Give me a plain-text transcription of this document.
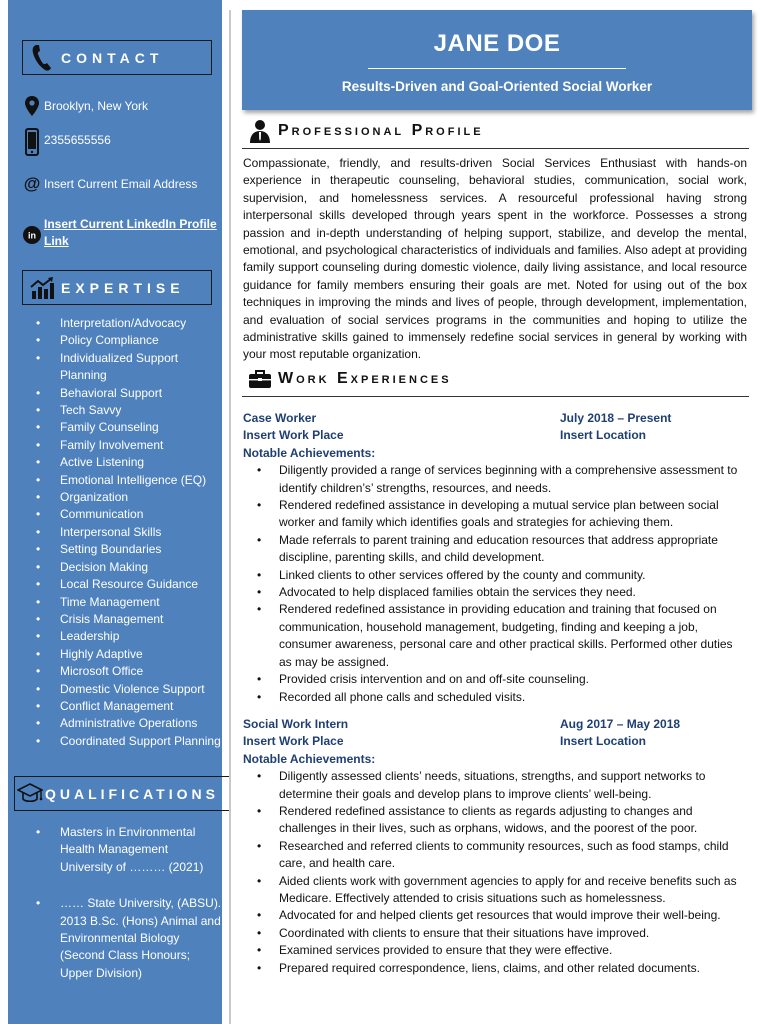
CONTACT
Brooklyn, New York
2355655556
@ Insert Current Email Address
in
Insert Current LinkedIn Profile Link
EXPERTISE
• Interpretation/Advocacy
• Policy Compliance
• Individualized Support Planning
• Behavioral Support
• Tech Savvy
• Family Counseling
• Family Involvement
• Active Listening
• Emotional Intelligence (EQ)
• Organization
• Communication
• Interpersonal Skills
• Setting Boundaries
• Decision Making
• Local Resource Guidance
• Time Management
• Crisis Management
• Leadership
• Highly Adaptive
• Microsoft Office
• Domestic Violence Support
• Conflict Management
• Administrative Operations
• Coordinated Support Planning
QUALIFICATIONS
• Masters in Environmental Health Management University of ……… (2021)
• …… State University, (ABSU). 2013 B.Sc. (Hons) Animal and Environmental Biology (Second Class Honours; Upper Division)
JANE DOE
Results-Driven and Goal-Oriented Social Worker
Professional Profile

Compassionate, friendly, and results-driven Social Services Enthusiast with hands-on experience in therapeutic counseling, behavioral studies, communication, social work, supervision, and homelessness services. A resourceful professional having strong interpersonal skills developed through years spent in the workforce. Possesses a strong passion and in-depth understanding of helping support, stabilize, and develop the mental, emotional, and psychological characteristics of individuals and families. Also adept at providing family support counseling during domestic violence, daily living assistance, and local resource guidance for family members ensuring their goals are met. Noted for using out of the box techniques in improving the minds and lives of people, through development, implementation, and evaluation of social services programs in the communities and hoping to utilize the administrative skills gained to immensely redefine social services in general by working with your most reputable organization.

Work Experiences
Case Worker	July 2018 – Present
Insert Work Place	Insert Location
Notable Achievements:
• Diligently provided a range of services beginning with a comprehensive assessment to identify children’s’ strengths, resources, and needs.
• Rendered redefined assistance in developing a mutual service plan between social worker and family which identifies goals and strategies for achieving them.
• Made referrals to parent training and education resources that address appropriate discipline, parenting skills, and child development.
• Linked clients to other services offered by the county and community.
• Advocated to help displaced families obtain the services they need.
• Rendered redefined assistance in providing education and training that focused on communication, household management, budgeting, finding and keeping a job, consumer awareness, personal care and other practical skills. Performed other duties as may be assigned.
• Provided crisis intervention and on and off-site counseling.
• Recorded all phone calls and scheduled visits.
Social Work Intern	Aug 2017 – May 2018
Insert Work Place	Insert Location
Notable Achievements:
• Diligently assessed clients’ needs, situations, strengths, and support networks to determine their goals and develop plans to improve clients’ well-being.
• Rendered redefined assistance to clients as regards adjusting to changes and challenges in their lives, such as orphans, widows, and the poorest of the poor.
• Researched and referred clients to community resources, such as food stamps, child care, and health care.
• Aided clients work with government agencies to apply for and receive benefits such as Medicare. Effectively attended to crisis situations such as homelessness.
• Advocated for and helped clients get resources that would improve their well-being.
• Coordinated with clients to ensure that their situations have improved.
• Examined services provided to ensure that they were effective.
• Prepared required correspondence, liens, claims, and other related documents.
